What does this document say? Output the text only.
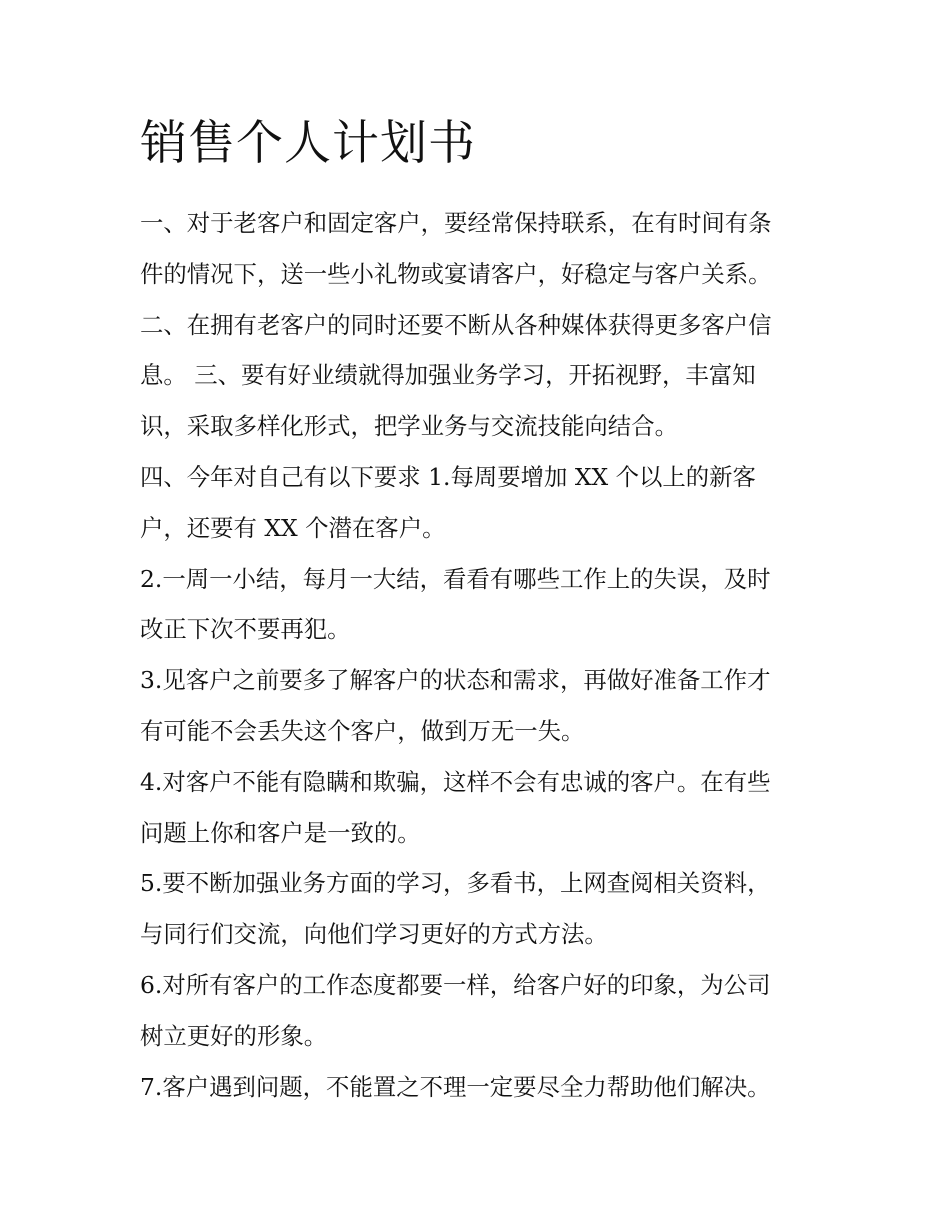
销售个人计划书
一、对于老客户和固定客户，要经常保持联系，在有时间有条
件的情况下，送一些小礼物或宴请客户，好稳定与客户关系。
二、在拥有老客户的同时还要不断从各种媒体获得更多客户信
息。 三、要有好业绩就得加强业务学习，开拓视野，丰富知
识，采取多样化形式，把学业务与交流技能向结合。
四、今年对自己有以下要求 1.每周要增加 XX 个以上的新客
户，还要有 XX 个潜在客户。
2.一周一小结，每月一大结，看看有哪些工作上的失误，及时
改正下次不要再犯。
3.见客户之前要多了解客户的状态和需求，再做好准备工作才
有可能不会丢失这个客户，做到万无一失。
4.对客户不能有隐瞒和欺骗，这样不会有忠诚的客户。在有些
问题上你和客户是一致的。
5.要不断加强业务方面的学习，多看书，上网查阅相关资料，
与同行们交流，向他们学习更好的方式方法。
6.对所有客户的工作态度都要一样，给客户好的印象，为公司
树立更好的形象。
7.客户遇到问题，不能置之不理一定要尽全力帮助他们解决。
